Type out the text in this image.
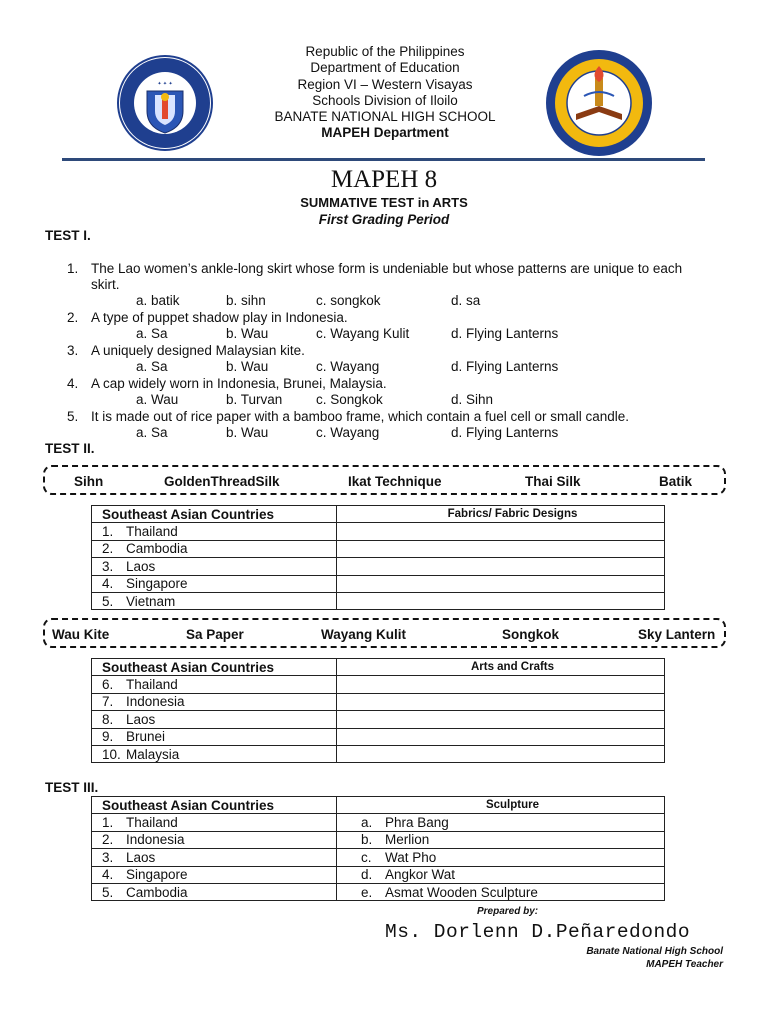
✦ ✦ ✦
Republic of the Philippines
Department of Education
Region VI – Western Visayas
Schools Division of Iloilo
BANATE NATIONAL HIGH SCHOOL
MAPEH Department
MAPEH 8
SUMMATIVE TEST in ARTS
First Grading Period
TEST I.
1. The Lao women’s ankle-long skirt whose form is undeniable but whose patterns are unique to each
skirt.
a. batik	b. sihn	c. songkok	d. sa
2. A type of puppet shadow play in Indonesia.
a. Sa	b. Wau	c. Wayang Kulit	d. Flying Lanterns
3. A uniquely designed Malaysian kite.
a. Sa	b. Wau	c. Wayang	d. Flying Lanterns
4. A cap widely worn in Indonesia, Brunei, Malaysia.
a. Wau	b. Turvan c. Songkok	d. Sihn
5. It is made out of rice paper with a bamboo frame, which contain a fuel cell or small candle.
a. Sa	b. Wau	c. Wayang	d. Flying Lanterns
TEST II.
Sihn	GoldenThreadSilk	Ikat Technique	Thai Silk	Batik
Southeast Asian Countries	Fabrics/ Fabric Designs
1. Thailand	
2. Cambodia	
3. Laos	
4. Singapore	
5. Vietnam	
Wau Kite	Sa Paper	Wayang Kulit	Songkok	Sky Lantern
Southeast Asian Countries	Arts and Crafts
6. Thailand	
7. Indonesia	
8. Laos	
9. Brunei	
10. Malaysia	
TEST III.
Southeast Asian Countries	Sculpture
1. Thailand	a. Phra Bang
2. Indonesia	b. Merlion
3. Laos	c. Wat Pho
4. Singapore	d. Angkor Wat
5. Cambodia	e. Asmat Wooden Sculpture
Prepared by:
Ms. Dorlenn D.Peñaredondo
Banate National High School
MAPEH Teacher
